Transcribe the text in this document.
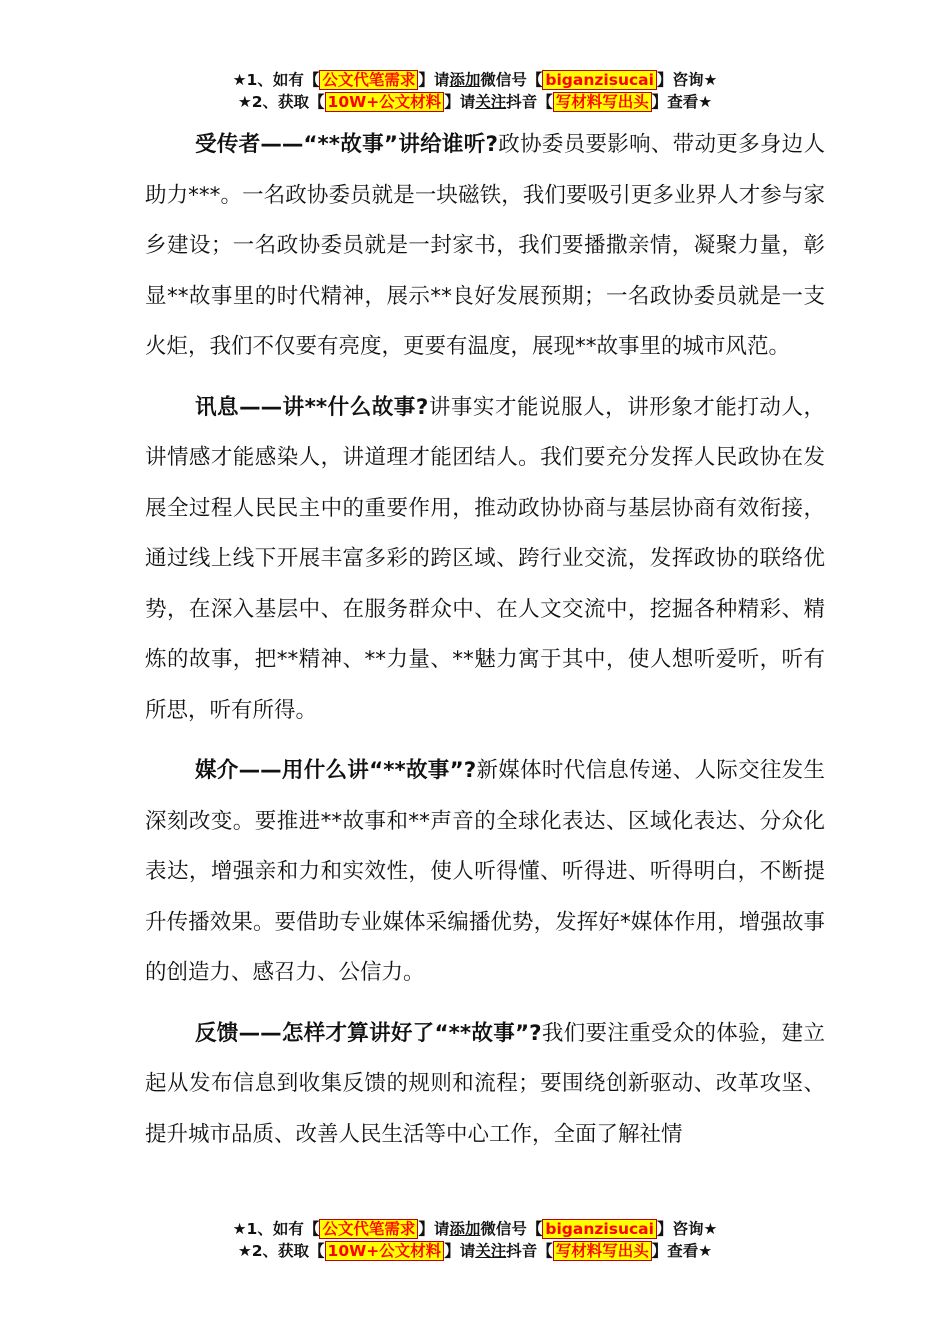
★1、如有【 公文代笔需求 】请添加微信号【 biganzisucai 】咨询★
★2、获取【 10W+公文材料 】请关注抖音【 写材料写出头 】查看★

受传者——“**故事”讲给谁听?政协委员要影响、带动更多身边人助力***。一名政协委员就是一块磁铁，我们要吸引更多业界人才参与家乡建设；一名政协委员就是一封家书，我们要播撒亲情，凝聚力量，彰显**故事里的时代精神，展示**良好发展预期；一名政协委员就是一支火炬，我们不仅要有亮度，更要有温度，展现**故事里的城市风范。

讯息——讲**什么故事?讲事实才能说服人，讲形象才能打动人，讲情感才能感染人，讲道理才能团结人。我们要充分发挥人民政协在发展全过程人民民主中的重要作用，推动政协协商与基层协商有效衔接，通过线上线下开展丰富多彩的跨区域、跨行业交流，发挥政协的联络优势，在深入基层中、在服务群众中、在人文交流中，挖掘各种精彩、精炼的故事，把**精神、**力量、**魅力寓于其中，使人想听爱听，听有所思，听有所得。

媒介——用什么讲“**故事”?新媒体时代信息传递、人际交往发生深刻改变。要推进**故事和**声音的全球化表达、区域化表达、分众化表达，增强亲和力和实效性，使人听得懂、听得进、听得明白，不断提升传播效果。要借助专业媒体采编播优势，发挥好*媒体作用，增强故事的创造力、感召力、公信力。

反馈——怎样才算讲好了“**故事”?我们要注重受众的体验，建立起从发布信息到收集反馈的规则和流程；要围绕创新驱动、改革攻坚、提升城市品质、改善人民生活等中心工作，全面了解社情

★1、如有【 公文代笔需求 】请添加微信号【 biganzisucai 】咨询★
★2、获取【 10W+公文材料 】请关注抖音【 写材料写出头 】查看★
